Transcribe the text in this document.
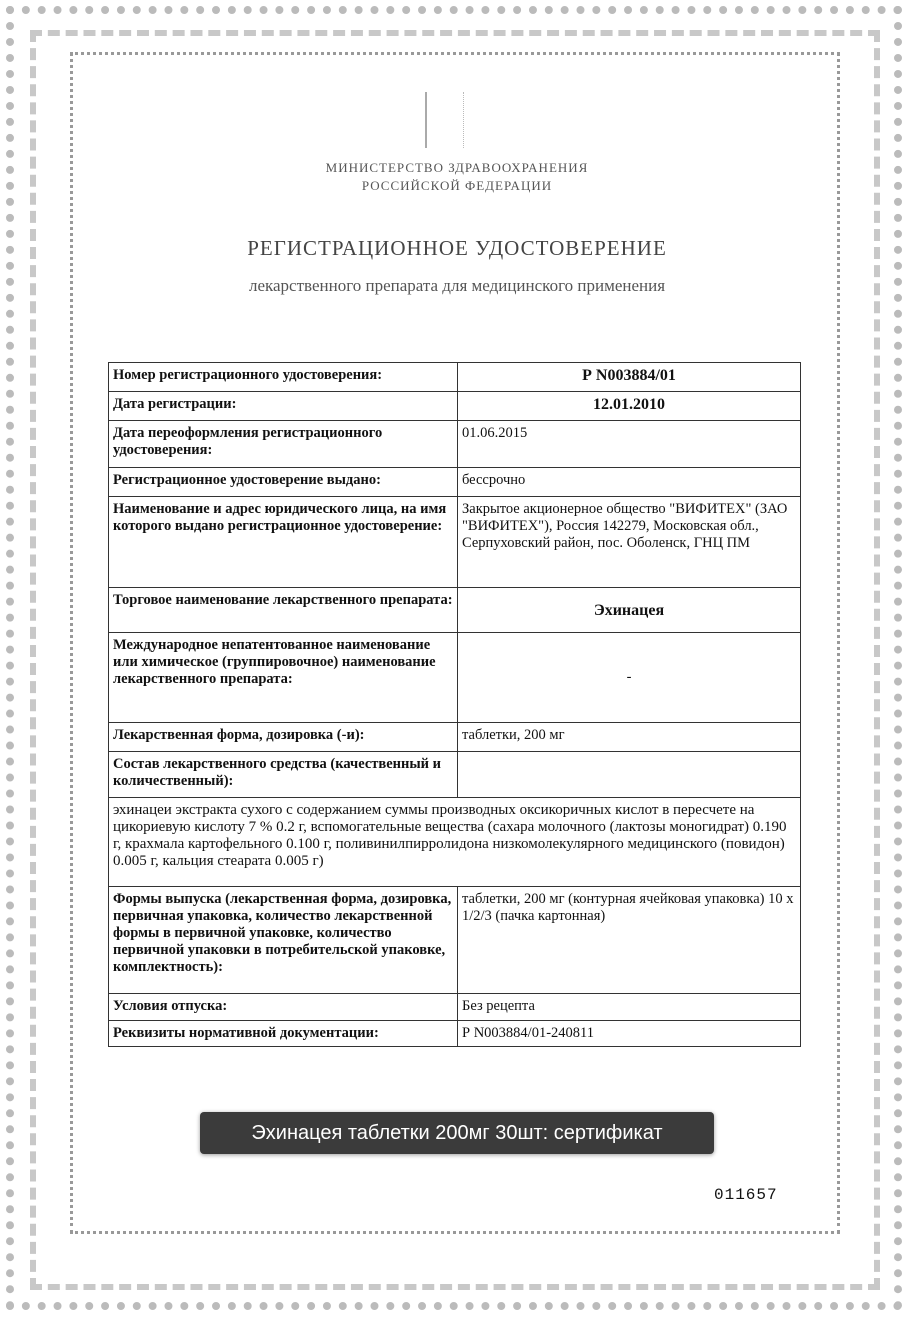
МИНИСТЕРСТВО ЗДРАВООХРАНЕНИЯ
РОССИЙСКОЙ ФЕДЕРАЦИИ
РЕГИСТРАЦИОННОЕ УДОСТОВЕРЕНИЕ
лекарственного препарата для медицинского применения
Номер регистрационного удостоверения:	Р N003884/01
Дата регистрации:	12.01.2010
Дата переоформления регистрационного удостоверения:	01.06.2015
Регистрационное удостоверение выдано:	бессрочно
Наименование и адрес юридического лица, на имя которого выдано регистрационное удостоверение:	Закрытое акционерное общество "ВИФИТЕХ" (ЗАО "ВИФИТЕХ"), Россия 142279, Московская обл., Серпуховский район, пос. Оболенск, ГНЦ ПМ
Торговое наименование лекарственного препарата:	Эхинацея
Международное непатентованное наименование или химическое (группировочное) наименование лекарственного препарата:	-
Лекарственная форма, дозировка (-и):	таблетки, 200 мг
Состав лекарственного средства (качественный и количественный):	
эхинацеи экстракта сухого с содержанием суммы производных оксикоричных кислот в пересчете на цикориевую кислоту 7 % 0.2 г, вспомогательные вещества (сахара молочного (лактозы моногидрат) 0.190 г, крахмала картофельного 0.100 г, поливинилпирролидона низкомолекулярного медицинского (повидон) 0.005 г, кальция стеарата 0.005 г)	
Формы выпуска (лекарственная форма, дозировка, первичная упаковка, количество лекарственной формы в первичной упаковке, количество первичной упаковки в потребительской упаковке, комплектность):	таблетки, 200 мг (контурная ячейковая упаковка) 10 х 1/2/3 (пачка картонная)
Условия отпуска:	Без рецепта
Реквизиты нормативной документации:	Р N003884/01-240811
011657
Эхинацея таблетки 200мг 30шт: сертификат
